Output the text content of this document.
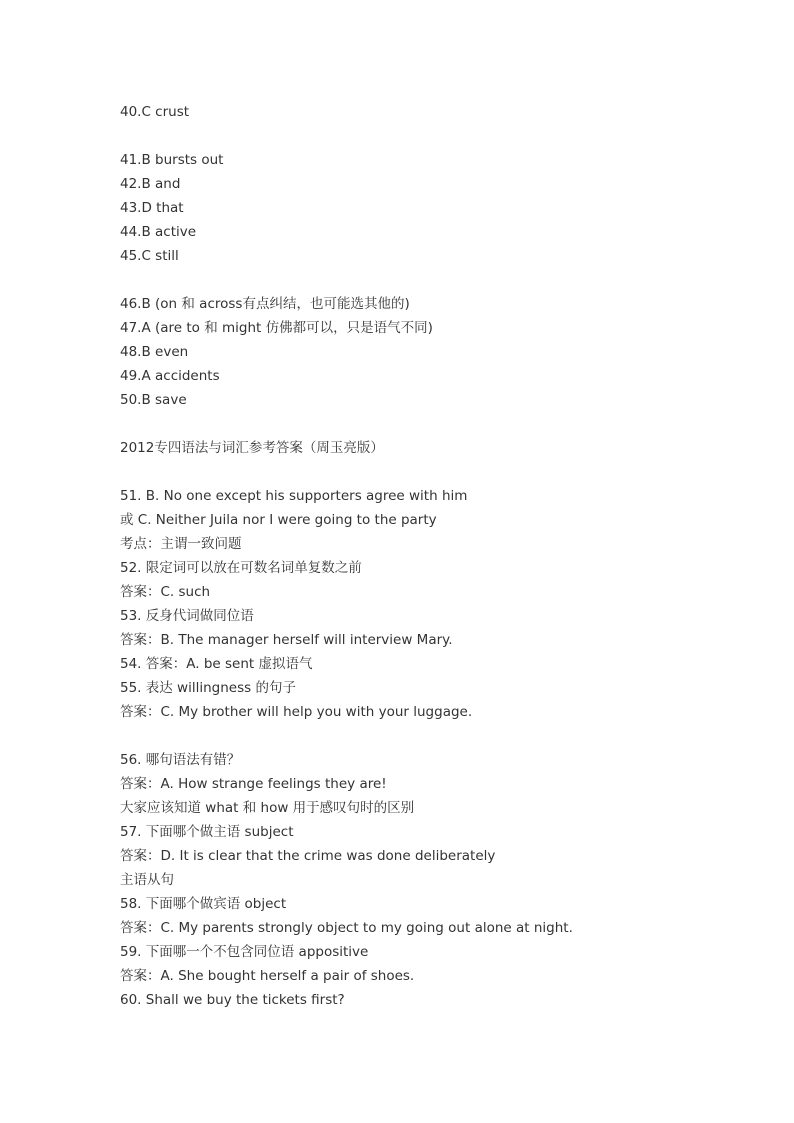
40.C crust
41.B bursts out
42.B and
43.D that
44.B active
45.C still
46.B (on 和 across有点纠结，也可能选其他的)
47.A (are to 和 might 仿佛都可以，只是语气不同)
48.B even
49.A accidents
50.B save
2012专四语法与词汇参考答案（周玉亮版）
51. B. No one except his supporters agree with him
或 C. Neither Juila nor I were going to the party
考点：主谓一致问题
52. 限定词可以放在可数名词单复数之前
答案：C. such
53. 反身代词做同位语
答案：B. The manager herself will interview Mary.
54. 答案：A. be sent 虚拟语气
55. 表达 willingness 的句子
答案：C. My brother will help you with your luggage.
56. 哪句语法有错？
答案：A. How strange feelings they are!
大家应该知道 what 和 how 用于感叹句时的区别
57. 下面哪个做主语 subject
答案：D. It is clear that the crime was done deliberately
主语从句
58. 下面哪个做宾语 object
答案：C. My parents strongly object to my going out alone at night.
59. 下面哪一个不包含同位语 appositive
答案：A. She bought herself a pair of shoes.
60. Shall we buy the tickets first?
